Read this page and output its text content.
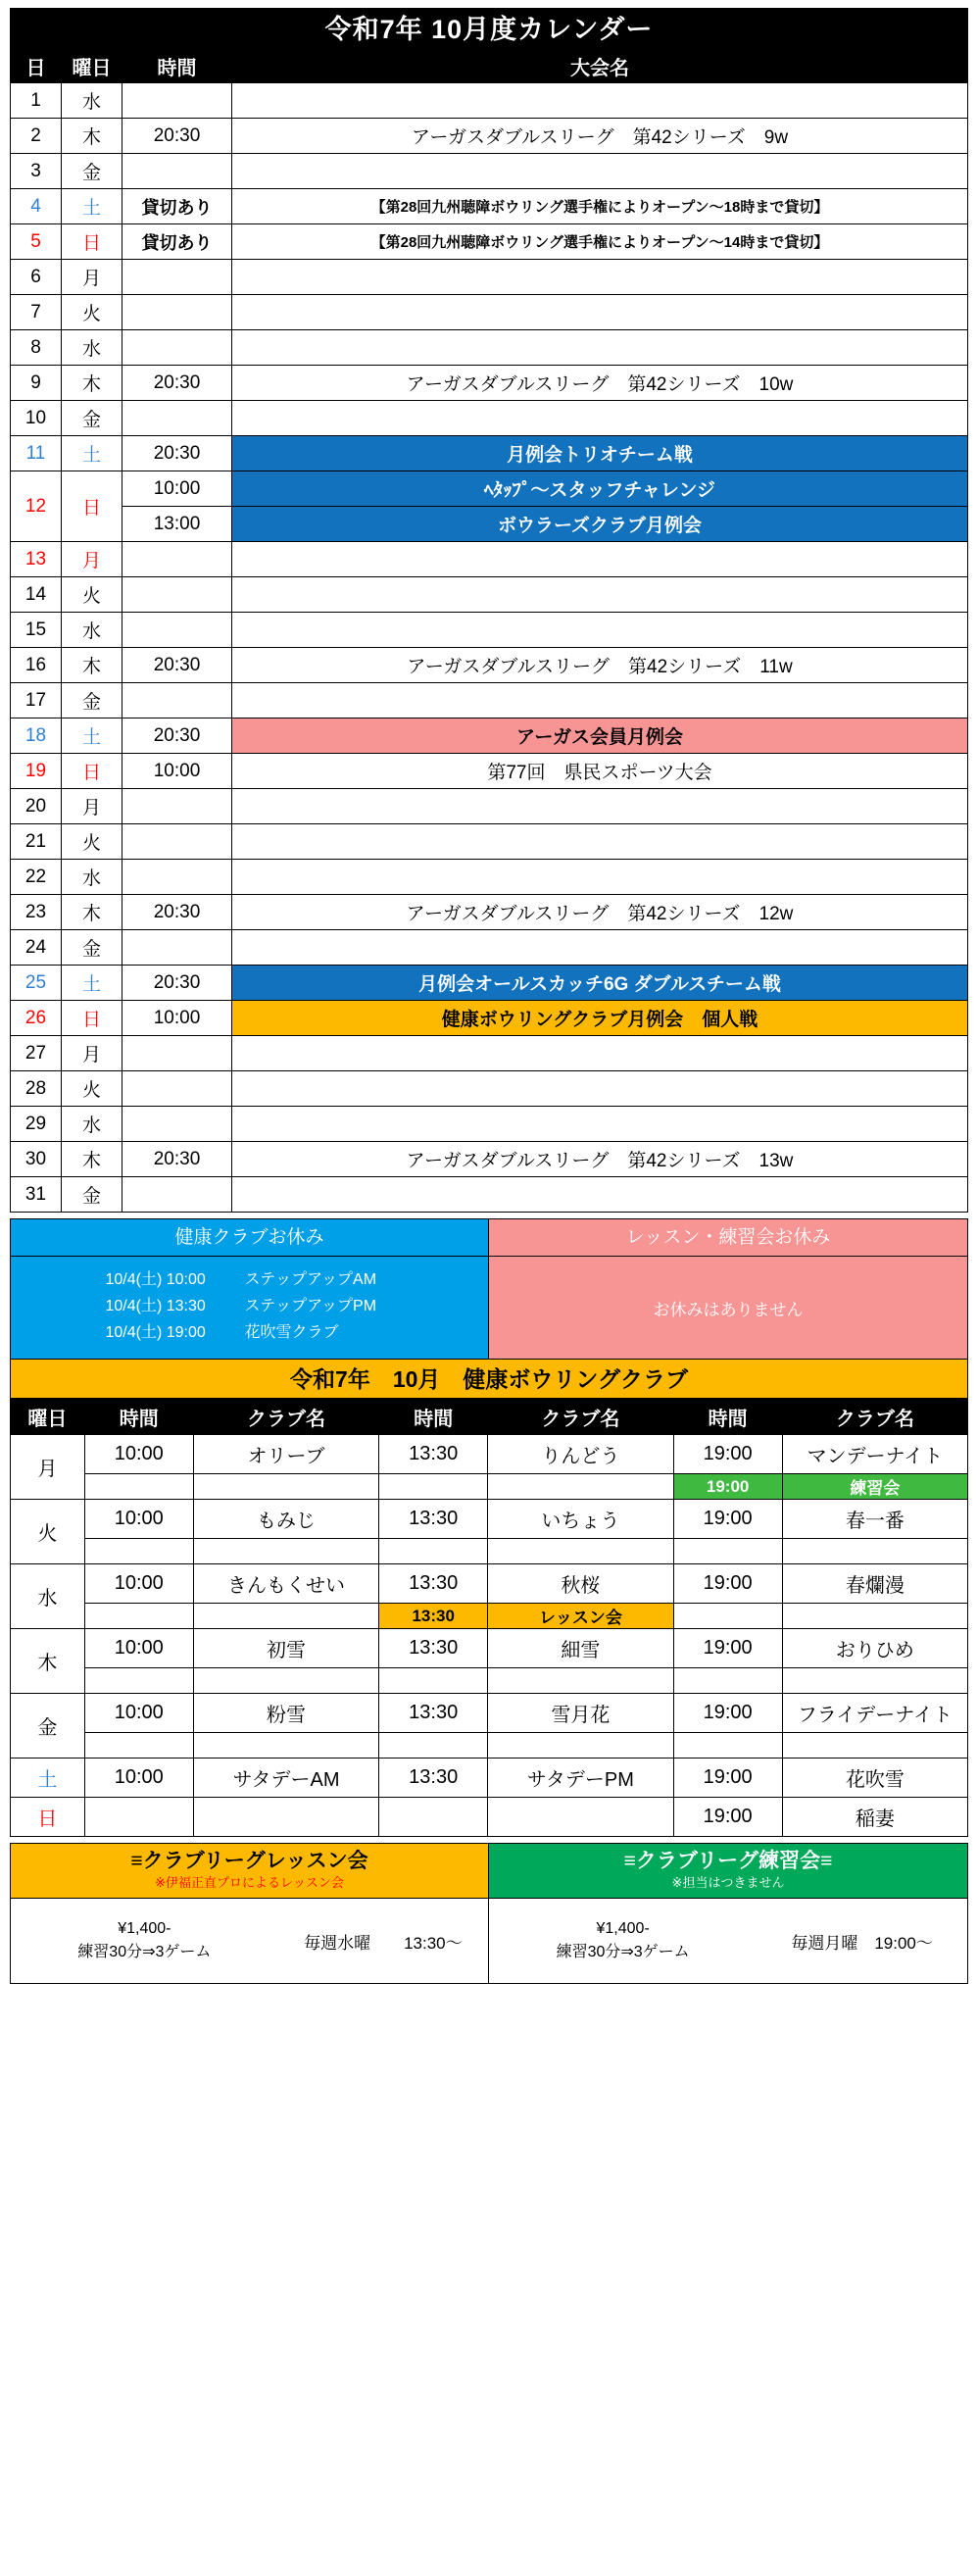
令和7年 10月度カレンダー
日	曜日	時間	大会名
1	水		
2	木	20:30	アーガスダブルスリーグ　第42シリーズ　9w
3	金		
4	土	貸切あり	【第28回九州聴障ボウリング選手権によりオープン～18時まで貸切】
5	日	貸切あり	【第28回九州聴障ボウリング選手権によりオープン～14時まで貸切】
6	月		
7	火		
8	水		
9	木	20:30	アーガスダブルスリーグ　第42シリーズ　10w
10	金		
11	土	20:30	月例会トリオチーム戦
12	日	10:00	ﾍﾀｯﾌﾟ～スタッフチャレンジ
		13:00	ボウラーズクラブ月例会
13	月		
14	火		
15	水		
16	木	20:30	アーガスダブルスリーグ　第42シリーズ　11w
17	金		
18	土	20:30	アーガス会員月例会
19	日	10:00	第77回　県民スポーツ大会
20	月		
21	火		
22	水		
23	木	20:30	アーガスダブルスリーグ　第42シリーズ　12w
24	金		
25	土	20:30	月例会オールスカッチ6G ダブルスチーム戦
26	日	10:00	健康ボウリングクラブ月例会　個人戦
27	月		
28	火		
29	水		
30	木	20:30	アーガスダブルスリーグ　第42シリーズ　13w
31	金		
健康クラブお休み
10/4(土) 10:00	ステップアップAM
10/4(土) 13:30	ステップアップPM
10/4(土) 19:00	花吹雪クラブ
レッスン・練習会お休み
お休みはありません
令和7年　10月　健康ボウリングクラブ
曜日	時間	クラブ名	時間	クラブ名	時間	クラブ名
月	10:00	オリーブ	13:30	りんどう	19:00	マンデーナイト
					19:00	練習会
火	10:00	もみじ	13:30	いちょう	19:00	春一番

水	10:00	きんもくせい	13:30	秋桜	19:00	春爛漫
			13:30	レッスン会		
木	10:00	初雪	13:30	細雪	19:00	おりひめ

金	10:00	粉雪	13:30	雪月花	19:00	フライデーナイト

土	10:00	サタデーAM	13:30	サタデーPM	19:00	花吹雪
日					19:00	稲妻
≡クラブリーグレッスン会
※伊福正直プロによるレッスン会
¥1,400-
練習30分⇒3ゲーム	毎週水曜　　13:30～
≡クラブリーグ練習会≡
※担当はつきません
¥1,400-
練習30分⇒3ゲーム	毎週月曜　19:00～
